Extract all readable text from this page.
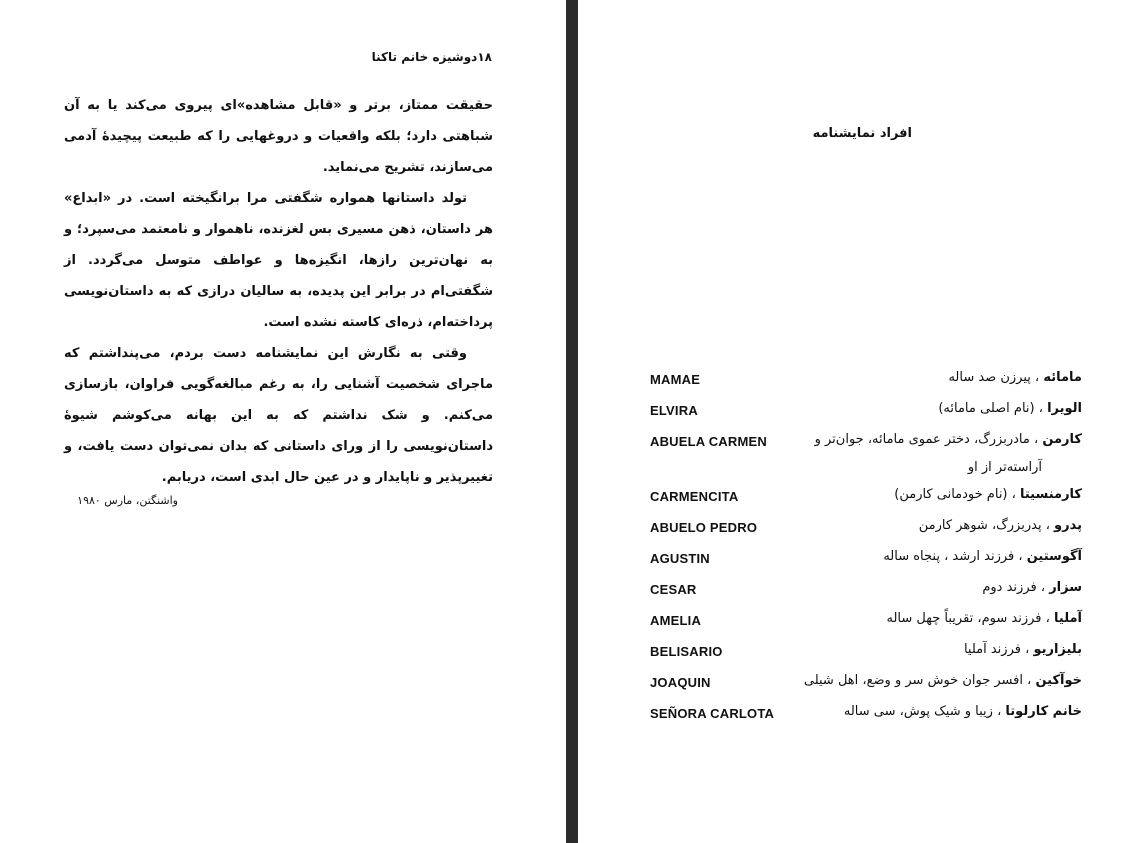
۱۸دوشیزه خانم تاکنا

حقیقت ممتاز، برتر و «قابل مشاهده»ای پیروی می‌کند یا به آن شباهتی دارد؛ بلکه واقعیات و دروغهایی را که طبیعت پیچیدهٔ آدمی می‌سازند، تشریح می‌نماید.

تولد داستانها همواره شگفتی مرا برانگیخته است. در «ابداع» هر داستان، ذهن مسیری بس لغزنده، ناهموار و نامعتمد می‌سپرد؛ و به نهان‌ترین رازها، انگیزه‌ها و عواطف متوسل می‌گردد. از شگفتی‌ام در برابر این پدیده، به سالیان درازی که به داستان‌نویسی پرداخته‌ام، ذره‌ای کاسته نشده است.

وقتی به نگارش این نمایشنامه دست بردم، می‌پنداشتم که ماجرای شخصیت آشنایی را، به رغم مبالغه‌گویی فراوان، بازسازی می‌کنم. و شک نداشتم که به این بهانه می‌کوشم شیوهٔ داستان‌نویسی را از ورای داستانی که بدان نمی‌توان دست یافت، و تغییرپذیر و ناپایدار و در عین حال ابدی است، دریابم.

واشنگتن، مارس ۱۹۸۰
افراد نمایشنامه
مامائه ، پیرزن صد ساله
MAMAE
الویرا ، (نام اصلی مامائه)
ELVIRA
کارمن ، مادربزرگ، دختر عموی مامائه، جوان‌تر و
آراسته‌تر از او
ABUELA CARMEN
کارمنسیتا ، (نام خودمانی کارمن)
CARMENCITA
پدرو ، پدربزرگ، شوهر کارمن
ABUELO PEDRO
آگوستین ، فرزند ارشد ، پنجاه ساله
AGUSTIN
سزار ، فرزند دوم
CESAR
آملیا ، فرزند سوم، تقریباً چهل ساله
AMELIA
بلیزاریو ، فرزند آملیا
BELISARIO
خوآکین ، افسر جوان خوش سر و وضع، اهل شیلی
JOAQUIN
خانم کارلوتا ، زیبا و شیک پوش، سی ساله
SEÑORA CARLOTA
